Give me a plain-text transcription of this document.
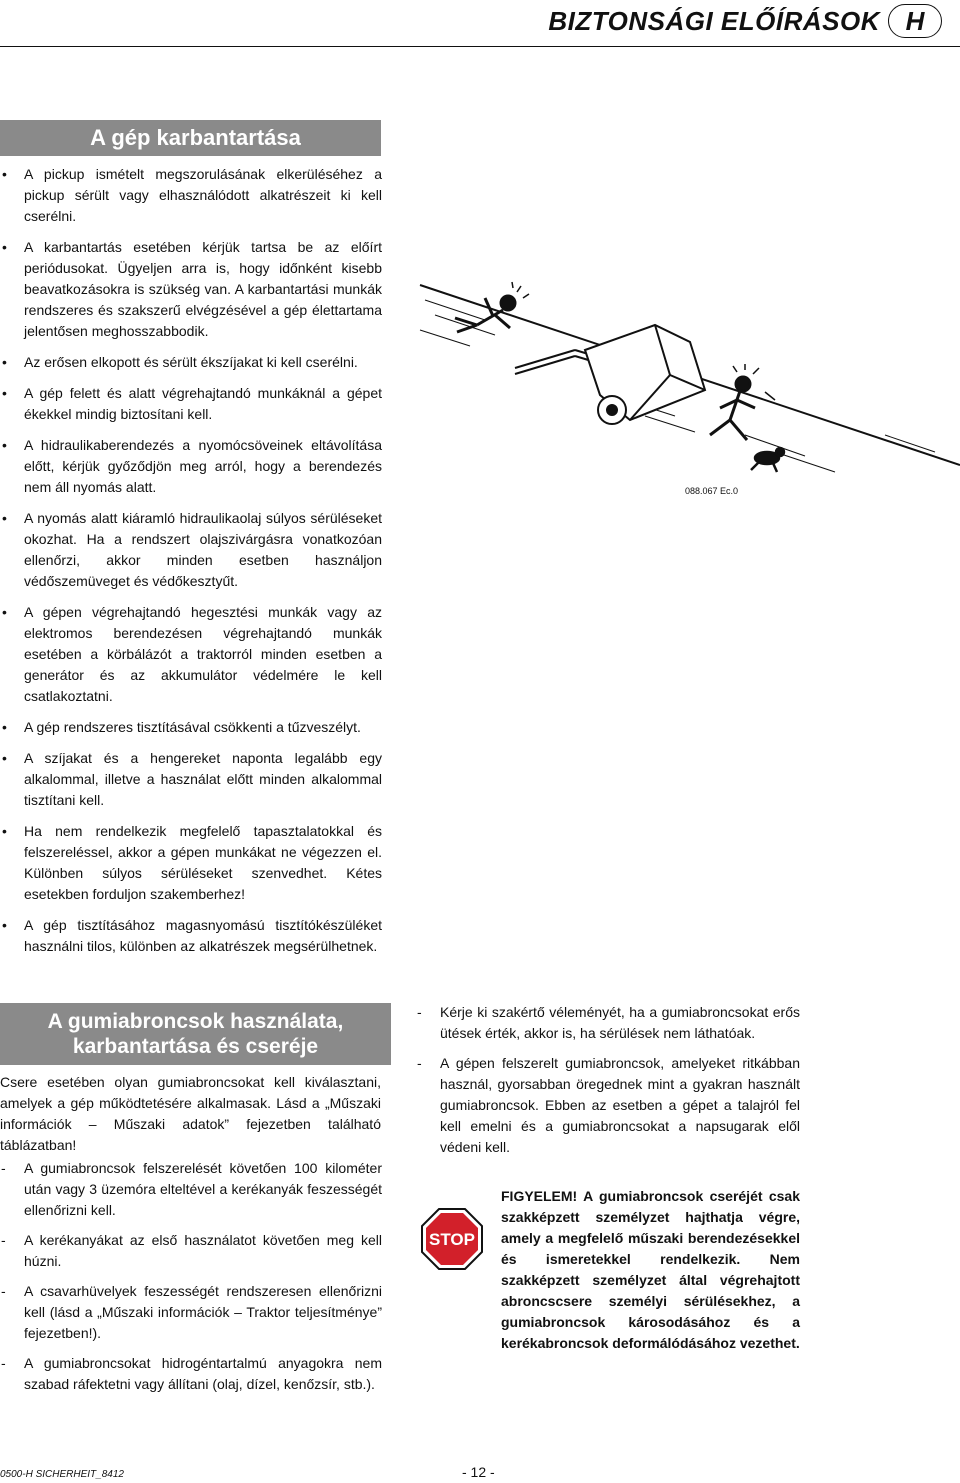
BIZTONSÁGI ELŐÍRÁSOK H
A gép karbantartása
• A pickup ismételt megszorulásának elkerüléséhez a pickup sérült vagy elhasználódott alkatrészeit ki kell cserélni.
• A karbantartás esetében kérjük tartsa be az előírt periódusokat. Ügyeljen arra is, hogy időnként kisebb beavatkozásokra is szükség van. A karbantartási munkák rendszeres és szakszerű elvégzésével a gép élettartama jelentősen meghosszabbodik.
• Az erősen elkopott és sérült ékszíjakat ki kell cserélni.
• A gép felett és alatt végrehajtandó munkáknál a gépet ékekkel mindig biztosítani kell.
• A hidraulikaberendezés a nyomócsöveinek eltávolítása előtt, kérjük győződjön meg arról, hogy a berendezés nem áll nyomás alatt.
• A nyomás alatt kiáramló hidraulikaolaj súlyos sérüléseket okozhat. Ha a rendszert olajszivárgásra vonatkozóan ellenőrzi, akkor minden esetben használjon védőszemüveget és védőkesztyűt.
• A gépen végrehajtandó hegesztési munkák vagy az elektromos berendezésen végrehajtandó munkák esetében a körbálázót a traktorról minden esetben a generátor és az akkumulátor védelmére le kell csatlakoztatni.
• A gép rendszeres tisztításával csökkenti a tűzveszélyt.
• A szíjakat és a hengereket naponta legalább egy alkalommal, illetve a használat előtt minden alkalommal tisztítani kell.
• Ha nem rendelkezik megfelelő tapasztalatokkal és felszereléssel, akkor a gépen munkákat ne végezzen el. Különben súlyos sérüléseket szenvedhet. Kétes esetekben forduljon szakemberhez!
• A gép tisztításához magasnyomású tisztítókészüléket használni tilos, különben az alkatrészek megsérülhetnek.
088.067 Ec.0
A gumiabroncsok használata,
karbantartása és cseréje

Csere esetében olyan gumiabroncsokat kell kiválasztani, amelyek a gép működtetésére alkalmasak. Lásd a „Műszaki információk – Műszaki adatok” fejezetben található táblázatban!

- A gumiabroncsok felszerelését követően 100 kilométer után vagy 3 üzemóra elteltével a kerékanyák feszességét ellenőrizni kell.
- A kerékanyákat az első használatot követően meg kell húzni.
- A csavarhüvelyek feszességét rendszeresen ellenőrizni kell (lásd a „Műszaki információk – Traktor teljesítménye” fejezetben!).
- A gumiabroncsokat hidrogéntartalmú anyagokra nem szabad ráfektetni vagy állítani (olaj, dízel, kenőzsír, stb.).
- Kérje ki szakértő véleményét, ha a gumiabroncsokat erős ütések érték, akkor is, ha sérülések nem láthatóak.
- A gépen felszerelt gumiabroncsok, amelyeket ritkábban használ, gyorsabban öregednek mint a gyakran használt gumiabroncsok. Ebben az esetben a gépet a talajról fel kell emelni és a gumiabroncsokat a napsugarak elől védeni kell.
STOP

FIGYELEM! A gumiabroncsok cseréjét csak szakképzett személyzet hajthatja végre, amely a megfelelő műszaki berendezésekkel és ismeretekkel rendelkezik. Nem szakképzett személyzet által végrehajtott abroncscsere személyi sérülésekhez, a gumiabroncsok károsodásához és a kerékabroncsok deformálódásához vezethet.

0500-H SICHERHEIT_8412	- 12 -
